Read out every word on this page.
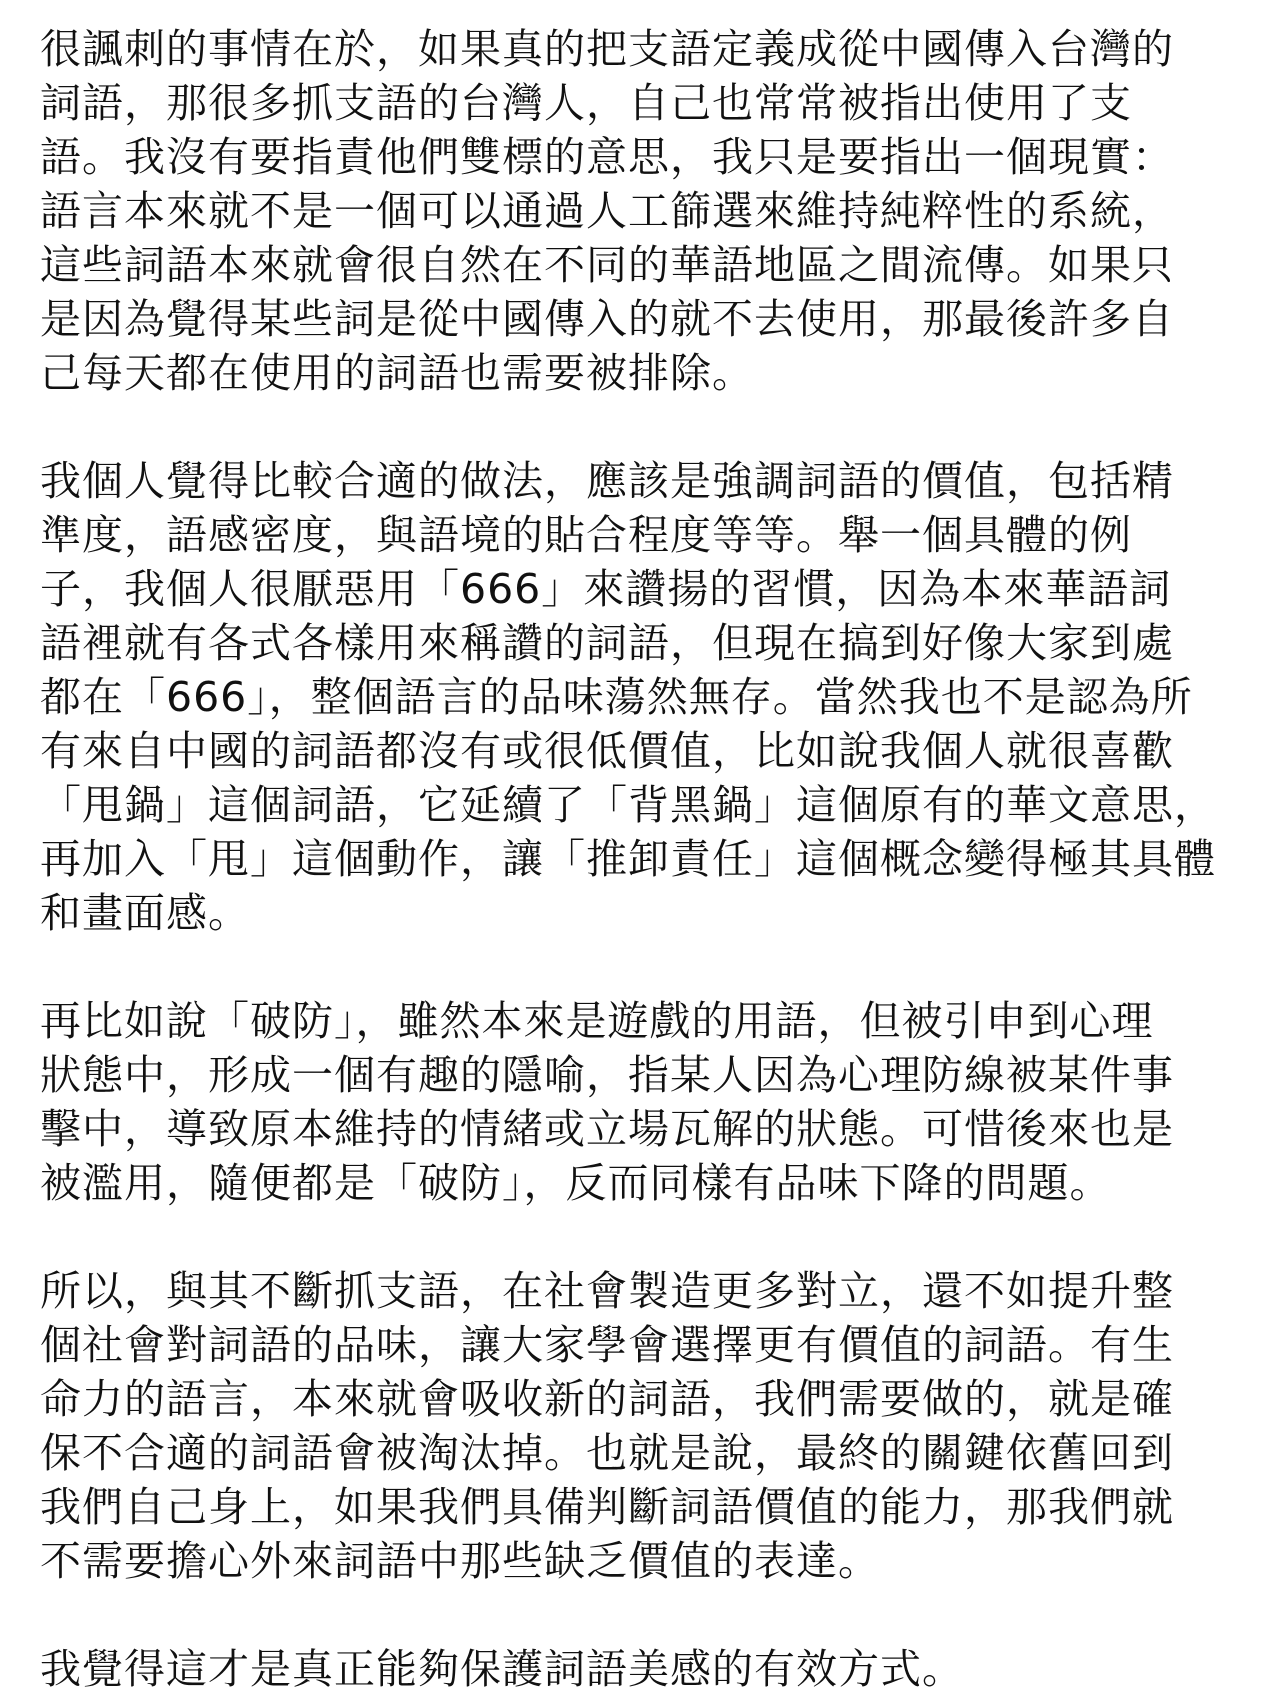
很諷刺的事情在於，如果真的把支語定義成從中國傳入台灣的
詞語，那很多抓支語的台灣人，自己也常常被指出使用了支
語。我沒有要指責他們雙標的意思，我只是要指出一個現實：
語言本來就不是一個可以通過人工篩選來維持純粹性的系統，
這些詞語本來就會很自然在不同的華語地區之間流傳。如果只
是因為覺得某些詞是從中國傳入的就不去使用，那最後許多自
己每天都在使用的詞語也需要被排除。

我個人覺得比較合適的做法，應該是強調詞語的價值，包括精
準度，語感密度，與語境的貼合程度等等。舉一個具體的例
子，我個人很厭惡用「666」來讚揚的習慣，因為本來華語詞
語裡就有各式各樣用來稱讚的詞語，但現在搞到好像大家到處
都在「666」，整個語言的品味蕩然無存。當然我也不是認為所
有來自中國的詞語都沒有或很低價值，比如說我個人就很喜歡
「甩鍋」這個詞語，它延續了「背黑鍋」這個原有的華文意思，
再加入「甩」這個動作，讓「推卸責任」這個概念變得極其具體
和畫面感。

再比如說「破防」，雖然本來是遊戲的用語，但被引申到心理
狀態中，形成一個有趣的隱喻，指某人因為心理防線被某件事
擊中，導致原本維持的情緒或立場瓦解的狀態。可惜後來也是
被濫用，隨便都是「破防」，反而同樣有品味下降的問題。

所以，與其不斷抓支語，在社會製造更多對立，還不如提升整
個社會對詞語的品味，讓大家學會選擇更有價值的詞語。有生
命力的語言，本來就會吸收新的詞語，我們需要做的，就是確
保不合適的詞語會被淘汰掉。也就是說，最終的關鍵依舊回到
我們自己身上，如果我們具備判斷詞語價值的能力，那我們就
不需要擔心外來詞語中那些缺乏價值的表達。

我覺得這才是真正能夠保護詞語美感的有效方式。
